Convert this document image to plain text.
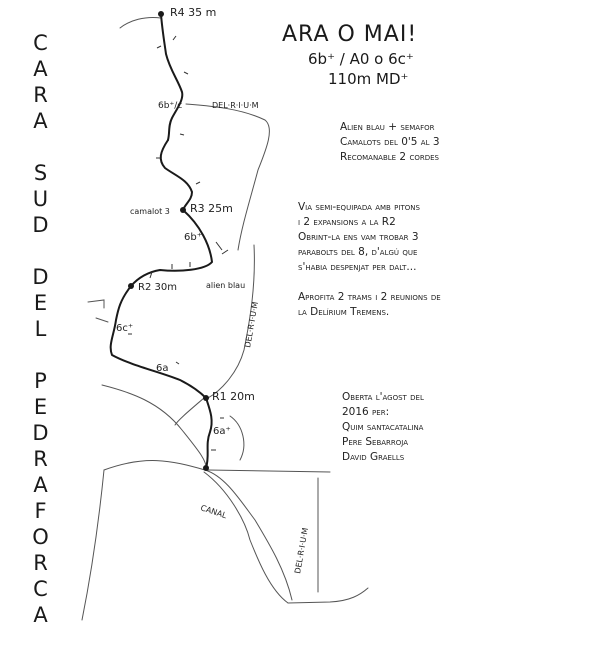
R4 35 m
6b⁺/c
R3 25m
camalot 3
6b⁺
R2 30m	alien blau
6c⁺
6a
R1 20m
6a⁺
DEL·R·I·U·M
DEL·R·I·U·M
DEL·R·I·U·M
CANAL
C
A
R
A
S
U
D
D
E
L
P
E
D
R
A
F
O
R
C
A
ARA O MAI!
6b⁺ / A0 o 6c⁺
110m MD⁺
Alien blau + semafor
Camalots del 0'5 al 3
Recomanable 2 cordes
Via semi-equipada amb pitons
i 2 expansions a la R2
Obrint-la ens vam trobar 3
parabolts del 8, d'algú que
s'habia despenjat per dalt...
Aprofita 2 trams i 2 reunions de
la Delírium Tremens.
Oberta l'agost del
2016 per:
Quim santacatalina
Pere Sebarroja
David Graells
